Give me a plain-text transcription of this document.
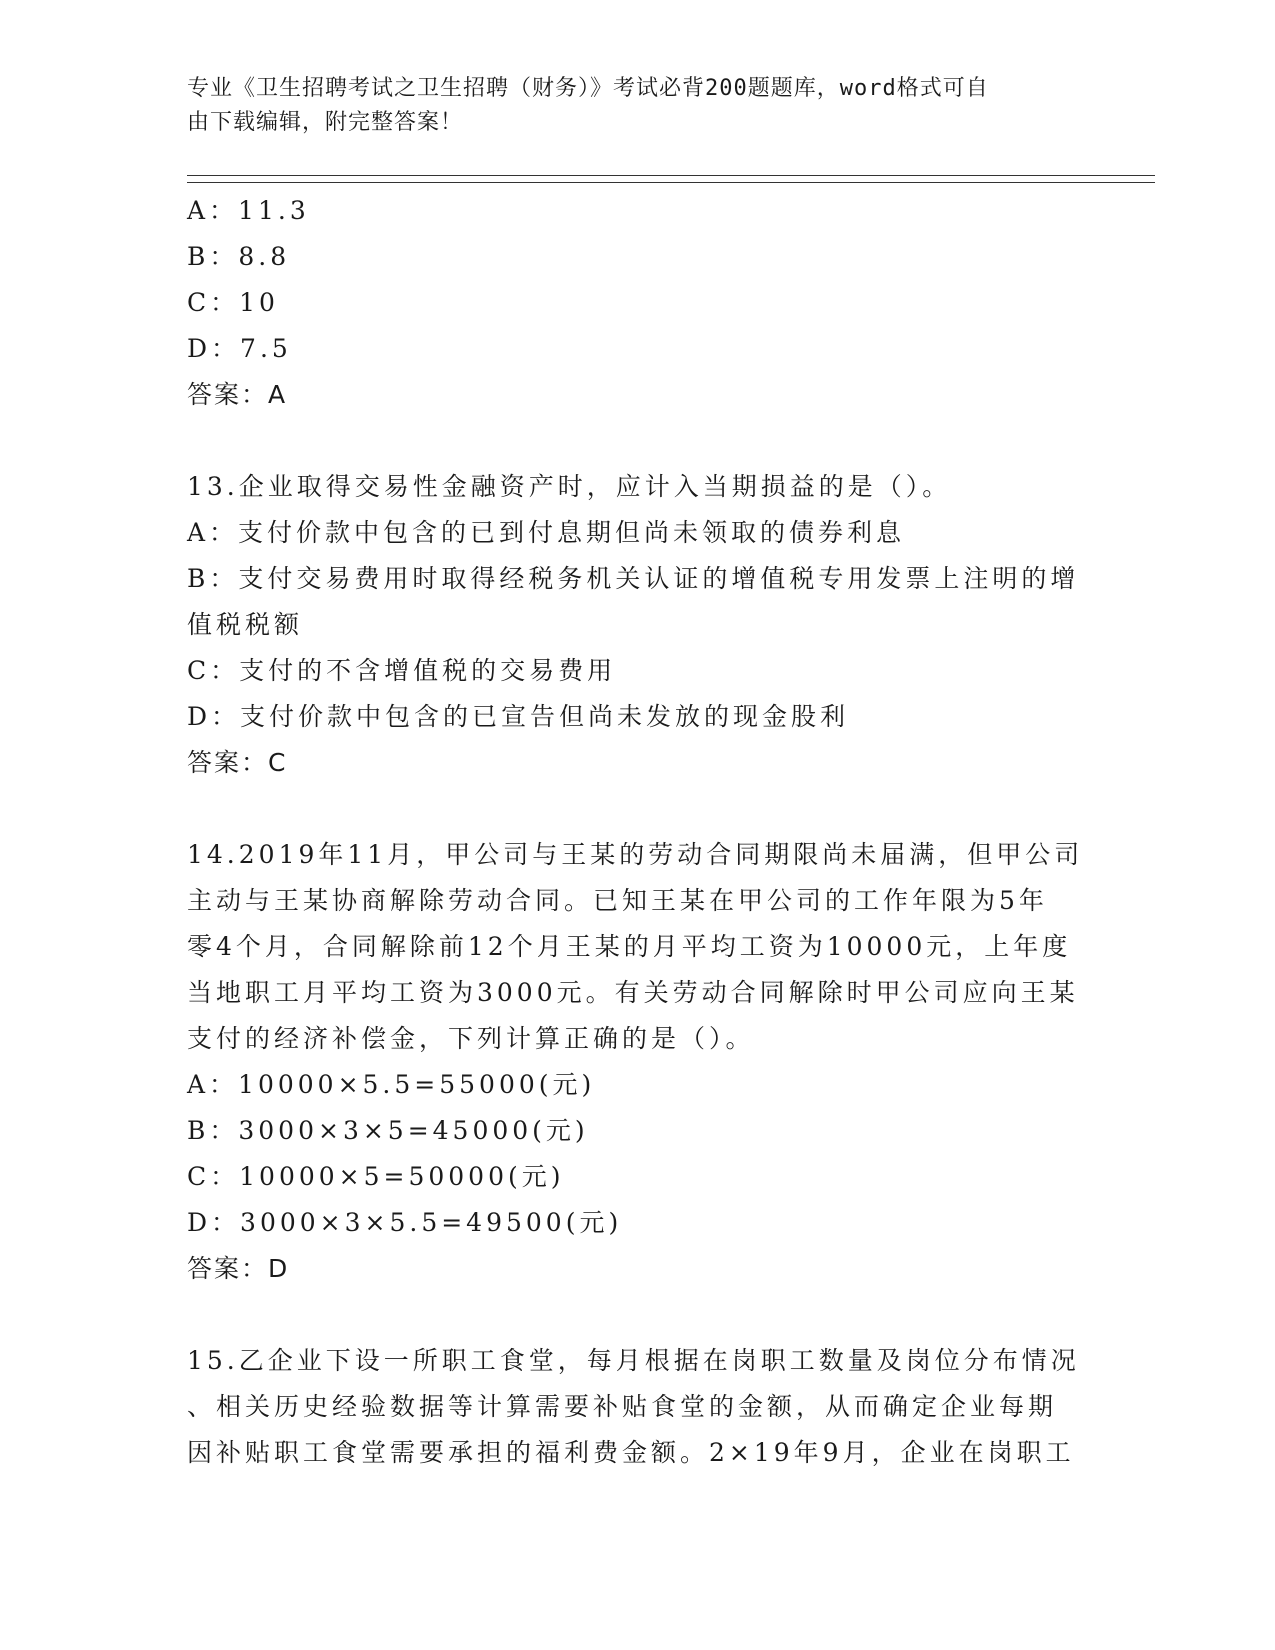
专业《卫生招聘考试之卫生招聘（财务）》考试必背200题题库，word格式可自
由下载编辑，附完整答案！
A：11.3
B：8.8
C：10
D：7.5
答案：A
13.企业取得交易性金融资产时，应计入当期损益的是（）。
A：支付价款中包含的已到付息期但尚未领取的债券利息
B：支付交易费用时取得经税务机关认证的增值税专用发票上注明的增
值税税额
C：支付的不含增值税的交易费用
D：支付价款中包含的已宣告但尚未发放的现金股利
答案：C
14.2019年11月，甲公司与王某的劳动合同期限尚未届满，但甲公司
主动与王某协商解除劳动合同。已知王某在甲公司的工作年限为5年
零4个月，合同解除前12个月王某的月平均工资为10000元，上年度
当地职工月平均工资为3000元。有关劳动合同解除时甲公司应向王某
支付的经济补偿金，下列计算正确的是（）。
A：10000×5.5=55000(元)
B：3000×3×5=45000(元)
C：10000×5=50000(元)
D：3000×3×5.5=49500(元)
答案：D
15.乙企业下设一所职工食堂，每月根据在岗职工数量及岗位分布情况
、相关历史经验数据等计算需要补贴食堂的金额，从而确定企业每期
因补贴职工食堂需要承担的福利费金额。2×19年9月，企业在岗职工
